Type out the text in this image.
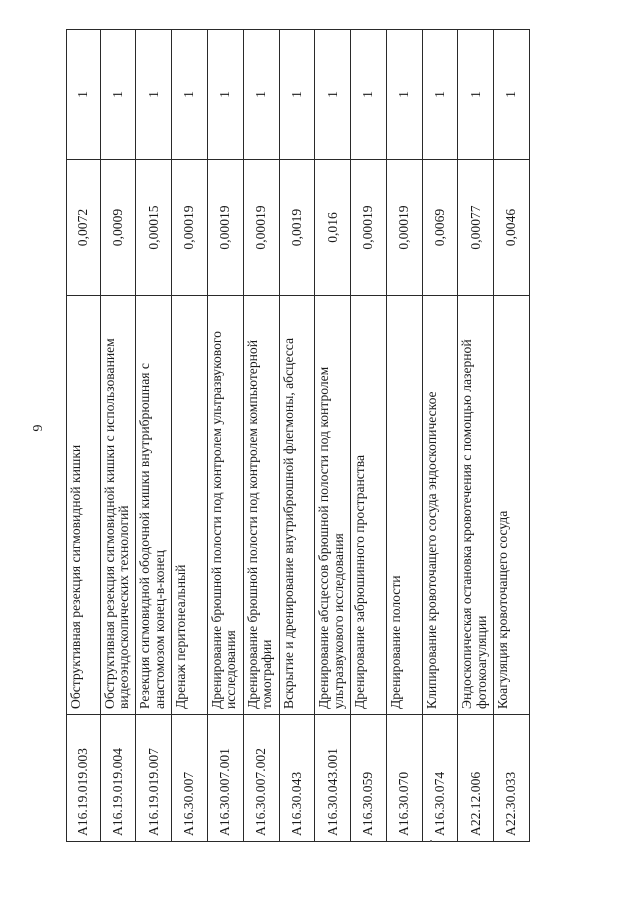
6
A16.19.019.003	Обструктивная резекция сигмовидной кишки	0,0072	1
A16.19.019.004	Обструктивная резекция сигмовидной кишки с использованием видеоэндоскопических технологий	0,0009	1
A16.19.019.007	Резекция сигмовидной ободочной кишки внутрибрюшная с анастомозом конец-в-конец	0,00015	1
A16.30.007	Дренаж перитонеальный	0,00019	1
A16.30.007.001	Дренирование брюшной полости под контролем ультразвукового исследования	0,00019	1
A16.30.007.002	Дренирование брюшной полости под контролем компьютерной томографии	0,00019	1
A16.30.043	Вскрытие и дренирование внутрибрюшной флегмоны, абсцесса	0,0019	1
A16.30.043.001	Дренирование абсцессов брюшной полости под контролем ультразвукового исследования	0,016	1
A16.30.059	Дренирование забрюшинного пространства	0,00019	1
A16.30.070	Дренирование полости	0,00019	1
A16.30.074	Клипирование кровоточащего сосуда эндоскопическое	0,0069	1
A22.12.006	Эндоскопическая остановка кровотечения с помощью лазерной фотокоагуляции	0,00077	1
A22.30.033	Коагуляция кровоточащего сосуда	0,0046	1
